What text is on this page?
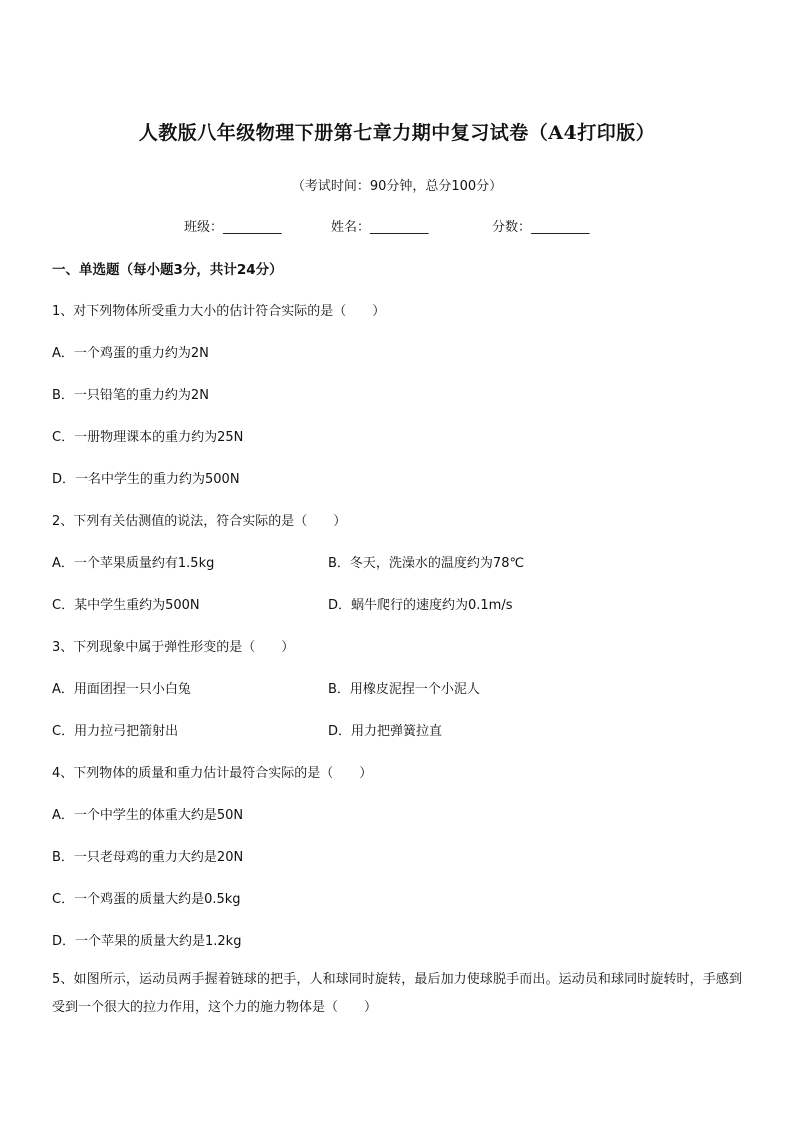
人教版八年级物理下册第七章力期中复习试卷（A4打印版）
（考试时间：90分钟，总分100分）
班级：_________	姓名：_________	分数：_________
一、单选题（每小题3分，共计24分）
1、对下列物体所受重力大小的估计符合实际的是（　　）
A．一个鸡蛋的重力约为2N
B．一只铅笔的重力约为2N
C．一册物理课本的重力约为25N
D．一名中学生的重力约为500N
2、下列有关估测值的说法，符合实际的是（　　）
A．一个苹果质量约有1.5kg	B．冬天，洗澡水的温度约为78℃
C．某中学生重约为500N	D．蜗牛爬行的速度约为0.1m/s
3、下列现象中属于弹性形变的是（　　）
A．用面团捏一只小白兔	B．用橡皮泥捏一个小泥人
C．用力拉弓把箭射出	D．用力把弹簧拉直
4、下列物体的质量和重力估计最符合实际的是（　　）
A．一个中学生的体重大约是50N
B．一只老母鸡的重力大约是20N
C．一个鸡蛋的质量大约是0.5kg
D．一个苹果的质量大约是1.2kg
5、如图所示，运动员两手握着链球的把手，人和球同时旋转，最后加力使球脱手而出。运动员和球同时旋转时，手感到受到一个很大的拉力作用，这个力的施力物体是（　　）
